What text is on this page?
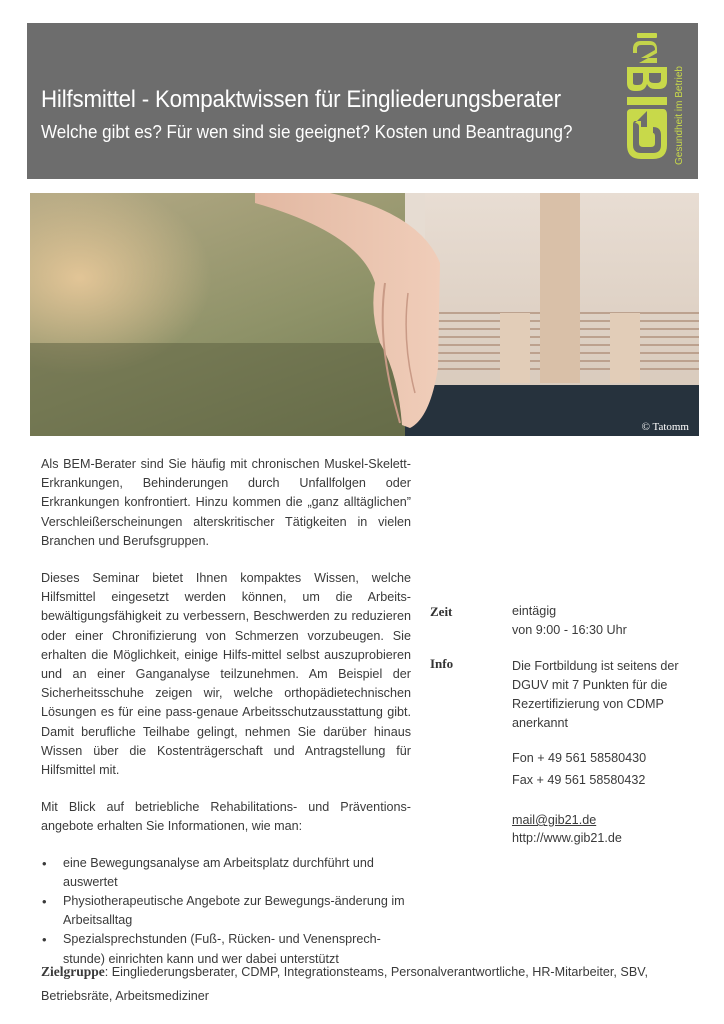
Hilfsmittel - Kompaktwissen für Eingliederungsberater
Welche gibt es? Für wen sind sie geeignet? Kosten und Beantragung?	Gesundheit im Betrieb
© Tatomm

Als BEM-Berater sind Sie häufig mit chronischen Muskel-Skelett-Erkrankungen, Behinderungen durch Unfallfolgen oder Erkrankungen konfrontiert. Hinzu kommen die „ganz alltäglichen” Verschleißerscheinungen alterskritischer Tätigkeiten in vielen Branchen und Berufsgruppen.

Dieses Seminar bietet Ihnen kompaktes Wissen, welche Hilfsmittel eingesetzt werden können, um die Arbeits-bewältigungsfähigkeit zu verbessern, Beschwerden zu reduzieren oder einer Chronifizierung von Schmerzen vorzubeugen. Sie erhalten die Möglichkeit, einige Hilfs-mittel selbst auszuprobieren und an einer Ganganalyse teilzunehmen. Am Beispiel der Sicherheitsschuhe zeigen wir, welche orthopädietechnischen Lösungen es für eine pass-genaue Arbeitsschutzausstattung gibt. Damit berufliche Teilhabe gelingt, nehmen Sie darüber hinaus Wissen über die Kostenträgerschaft und Antragstellung für Hilfsmittel mit.

Mit Blick auf betriebliche Rehabilitations- und Präventions-angebote erhalten Sie Informationen, wie man:

• eine Bewegungsanalyse am Arbeitsplatz durchführt und auswertet
• Physiotherapeutische Angebote zur Bewegungs-änderung im Arbeitsalltag
• Spezialsprechstunden (Fuß-, Rücken- und Venensprech-stunde) einrichten kann und wer dabei unterstützt
Zeit	eintägig
von 9:00 - 16:30 Uhr
Info	Die Fortbildung ist seitens der DGUV mit 7 Punkten für die Rezertifizierung von CDMP anerkannt
Fon + 49 561 58580430
Fax + 49 561 58580432
mail@gib21.de
http://www.gib21.de
Zielgruppe: Eingliederungsberater, CDMP, Integrationsteams, Personalverantwortliche, HR-Mitarbeiter, SBV, Betriebsräte, Arbeitsmediziner
